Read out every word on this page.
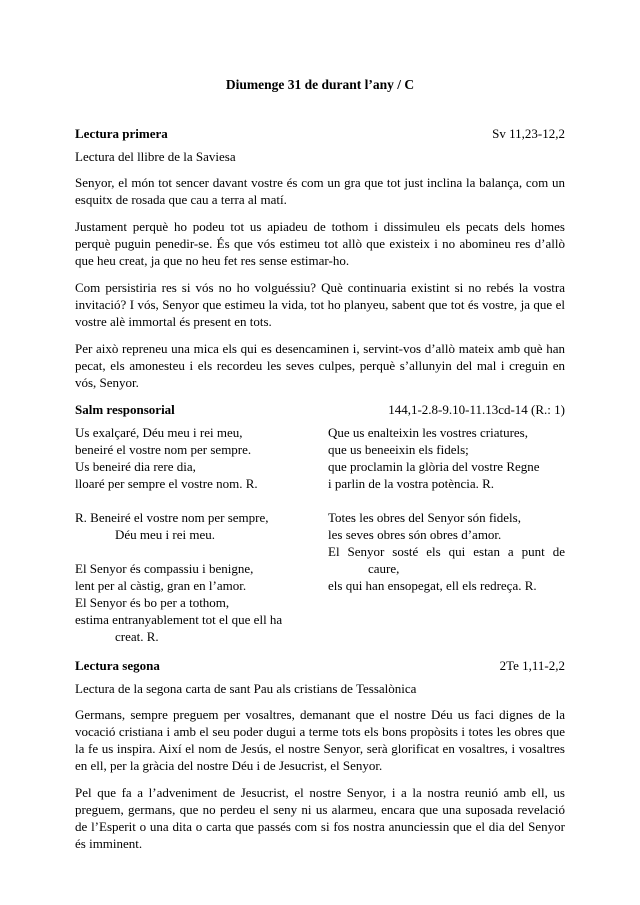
Diumenge 31 de durant l’any / C
Lectura primera	Sv 11,23-12,2
Lectura del llibre de la Saviesa

Senyor, el món tot sencer davant vostre és com un gra que tot just inclina la balança, com un esquitx de rosada que cau a terra al matí.

Justament perquè ho podeu tot us apiadeu de tothom i dissimuleu els pecats dels homes perquè puguin penedir-se. És que vós estimeu tot allò que existeix i no abomineu res d’allò que heu creat, ja que no heu fet res sense estimar-ho.

Com persistiria res si vós no ho volguéssiu? Què continuaria existint si no rebés la vostra invitació? I vós, Senyor que estimeu la vida, tot ho planyeu, sabent que tot és vostre, ja que el vostre alè immortal és present en tots.

Per això repreneu una mica els qui es desencaminen i, servint-vos d’allò mateix amb què han pecat, els amonesteu i els recordeu les seves culpes, perquè s’allunyin del mal i creguin en vós, Senyor.

Salm responsorial	144,1-2.8-9.10-11.13cd-14 (R.: 1)
Us exalçaré, Déu meu i rei meu,
beneiré el vostre nom per sempre.
Us beneiré dia rere dia,
lloaré per sempre el vostre nom. R.
R. Beneiré el vostre nom per sempre,
Déu meu i rei meu.
El Senyor és compassiu i benigne,
lent per al càstig, gran en l’amor.
El Senyor és bo per a tothom,
estima entranyablement tot el que ell ha
creat. R.
Que us enalteixin les vostres criatures,
que us beneeixin els fidels;
que proclamin la glòria del vostre Regne
i parlin de la vostra potència. R.
Totes les obres del Senyor són fidels,
les seves obres són obres d’amor.
El Senyor sosté els qui estan a punt de
caure,
els qui han ensopegat, ell els redreça. R.
Lectura segona	2Te 1,11-2,2
Lectura de la segona carta de sant Pau als cristians de Tessalònica

Germans, sempre preguem per vosaltres, demanant que el nostre Déu us faci dignes de la vocació cristiana i amb el seu poder dugui a terme tots els bons propòsits i totes les obres que la fe us inspira. Així el nom de Jesús, el nostre Senyor, serà glorificat en vosaltres, i vosaltres en ell, per la gràcia del nostre Déu i de Jesucrist, el Senyor.

Pel que fa a l’adveniment de Jesucrist, el nostre Senyor, i a la nostra reunió amb ell, us preguem, germans, que no perdeu el seny ni us alarmeu, encara que una suposada revelació de l’Esperit o una dita o carta que passés com si fos nostra anunciessin que el dia del Senyor és imminent.
